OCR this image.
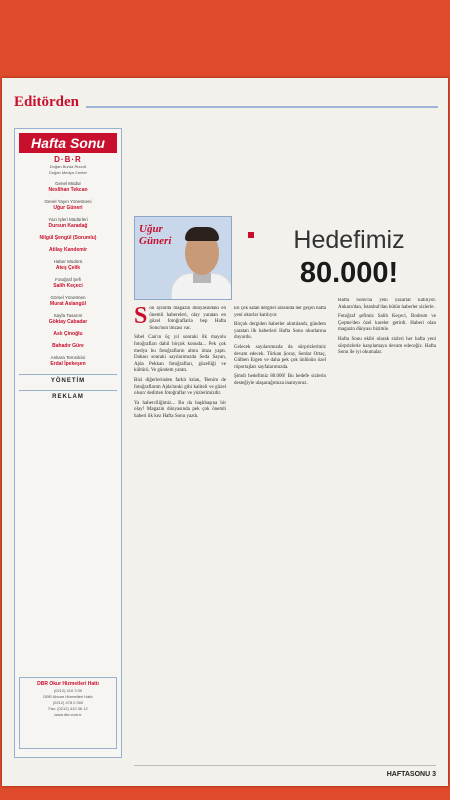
Editörden
Hafta Sonu
D·B·R
Doğan Burda Rizzoli
Doğan Medya Center
Genel Müdür
Neslihan Tekcan
Genel Yayın Yönetmeni
Uğur Güneri
Yazı İşleri Müdürleri
Dursun Karadağ
Nilgül Şengül (Sorumlu)
Atilay Kandemir
Haber Müdürü
Ateş Çelik
Fotoğraf Şefi
Salih Keçeci
Görsel Yönetmen
Murat Aslangül
Sayfa Tasarım
Göktay Cabadar
Aslı Çinoğlu
Bahadır Güre
Ankara Temsilcisi
Erdal İpekeşen
YÖNETİM
REKLAM
DBR Okur Hizmetleri Hattı
(0212) 410 3 00
DBR Abone Hizmetleri Hattı
(0212) 478 0 300
Fax: (0212) 410 36 12
www.dbr.com.tr
Uğur
Güneri	Hedefimiz
80.000!
S on aylarda magazin dünyasındaki en önemli habereleri, olay yaratan en güzel fotoğraflarla hep Hafta Sonu'nun imzası var.

Sibel Can'ın üç yıl sonraki ilk mayolu fotoğrafları dahil birçok konuda... Pek çok medya bu fotoğrafların altını imza yaptı. Dahası sonraki sayılarımızda Seda Sayan, Ajda Pekkan fotoğrafları, güzelliği ve kültürü. Ve gündem yaratı.

Bizi diğerlerinden farklı kılan, 'Benim de fotoğraflarım Ajda'nınki gibi kaliteli ve güzel olsun' dedirten fotoğraflar ve yüzlerimizdir.

Ya haberciliğimiz... Bu da başlıbaşına bir olay! Magazin dünyasında pek çok önemli haberi ilk kez Hafta Sonu yazdı.

En çok satan dergiler arasında her geçen hafta yeni okurlar katılıyor.

Birçok dergiden haberler alıntılandı, gündem yaratan ilk haberleri Hafta Sonu okurlarına duyurdu.

Gelecek sayılarımızda da sürprizlerimiz devam edecek. Türkan Şoray, Serdar Ortaç, Gülben Ergen ve daha pek çok ünlünün özel röportajları sayfalarımızda.

Şimdi hedefimiz 80.000! Bu hedefe sizlerin desteğiyle ulaşacağımıza inanıyoruz.

Hafta Sonu'na yeni yazarlar katılıyor. Ankara'dan, İstanbul'dan bütün haberler sizlerle.

Fotoğraf şefimiz Salih Keçeci, Bodrum ve Çeşme'den özel kareler getirdi. Haberi olan magazin dünyası bizimle.

Hafta Sonu ekibi olarak sizleri her hafta yeni sürprizlerle karşılamaya devam edeceğiz. Hafta Sonu ile iyi okumalar.

HAFTASONU 3
